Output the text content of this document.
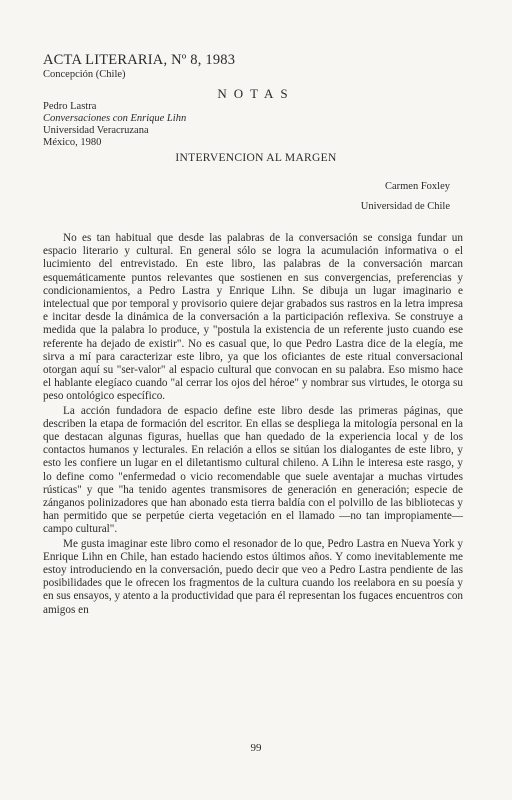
ACTA LITERARIA, Nº 8, 1983
Concepción (Chile)
NOTAS
Pedro Lastra
Conversaciones con Enrique Lihn
Universidad Veracruzana
México, 1980
INTERVENCION AL MARGEN
Carmen Foxley
Universidad de Chile

No es tan habitual que desde las palabras de la conversación se consiga fundar un espacio literario y cultural. En general sólo se logra la acumulación informativa o el lucimiento del entrevistado. En este libro, las palabras de la conversación marcan esquemáticamente puntos relevantes que sostienen en sus convergencias, preferencias y condicionamientos, a Pedro Lastra y Enrique Lihn. Se dibuja un lugar imaginario e intelectual que por temporal y provisorio quiere dejar grabados sus rastros en la letra impresa e incitar desde la dinámica de la conversación a la participación reflexiva. Se construye a medida que la palabra lo produce, y "postula la existencia de un referente justo cuando ese referente ha dejado de existir". No es casual que, lo que Pedro Lastra dice de la elegía, me sirva a mí para caracterizar este libro, ya que los oficiantes de este ritual conversacional otorgan aquí su "ser-valor" al espacio cultural que convocan en su palabra. Eso mismo hace el hablante elegíaco cuando "al cerrar los ojos del héroe" y nombrar sus virtudes, le otorga su peso ontológico específico.

La acción fundadora de espacio define este libro desde las primeras páginas, que describen la etapa de formación del escritor. En ellas se despliega la mitología personal en la que destacan algunas figuras, huellas que han quedado de la experiencia local y de los contactos humanos y lecturales. En relación a ellos se sitúan los dialogantes de este libro, y esto les confiere un lugar en el diletantismo cultural chileno. A Lihn le interesa este rasgo, y lo define como "enfermedad o vicio recomendable que suele aventajar a muchas virtudes rústicas" y que "ha tenido agentes transmisores de generación en generación; especie de zánganos polinizadores que han abonado esta tierra baldía con el polvillo de las bibliotecas y han permitido que se perpetúe cierta vegetación en el llamado —no tan impropiamente— campo cultural".

Me gusta imaginar este libro como el resonador de lo que, Pedro Lastra en Nueva York y Enrique Lihn en Chile, han estado haciendo estos últimos años. Y como inevitablemente me estoy introduciendo en la conversación, puedo decir que veo a Pedro Lastra pendiente de las posibilidades que le ofrecen los fragmentos de la cultura cuando los reelabora en su poesía y en sus ensayos, y atento a la productividad que para él representan los fugaces encuentros con amigos en

99
